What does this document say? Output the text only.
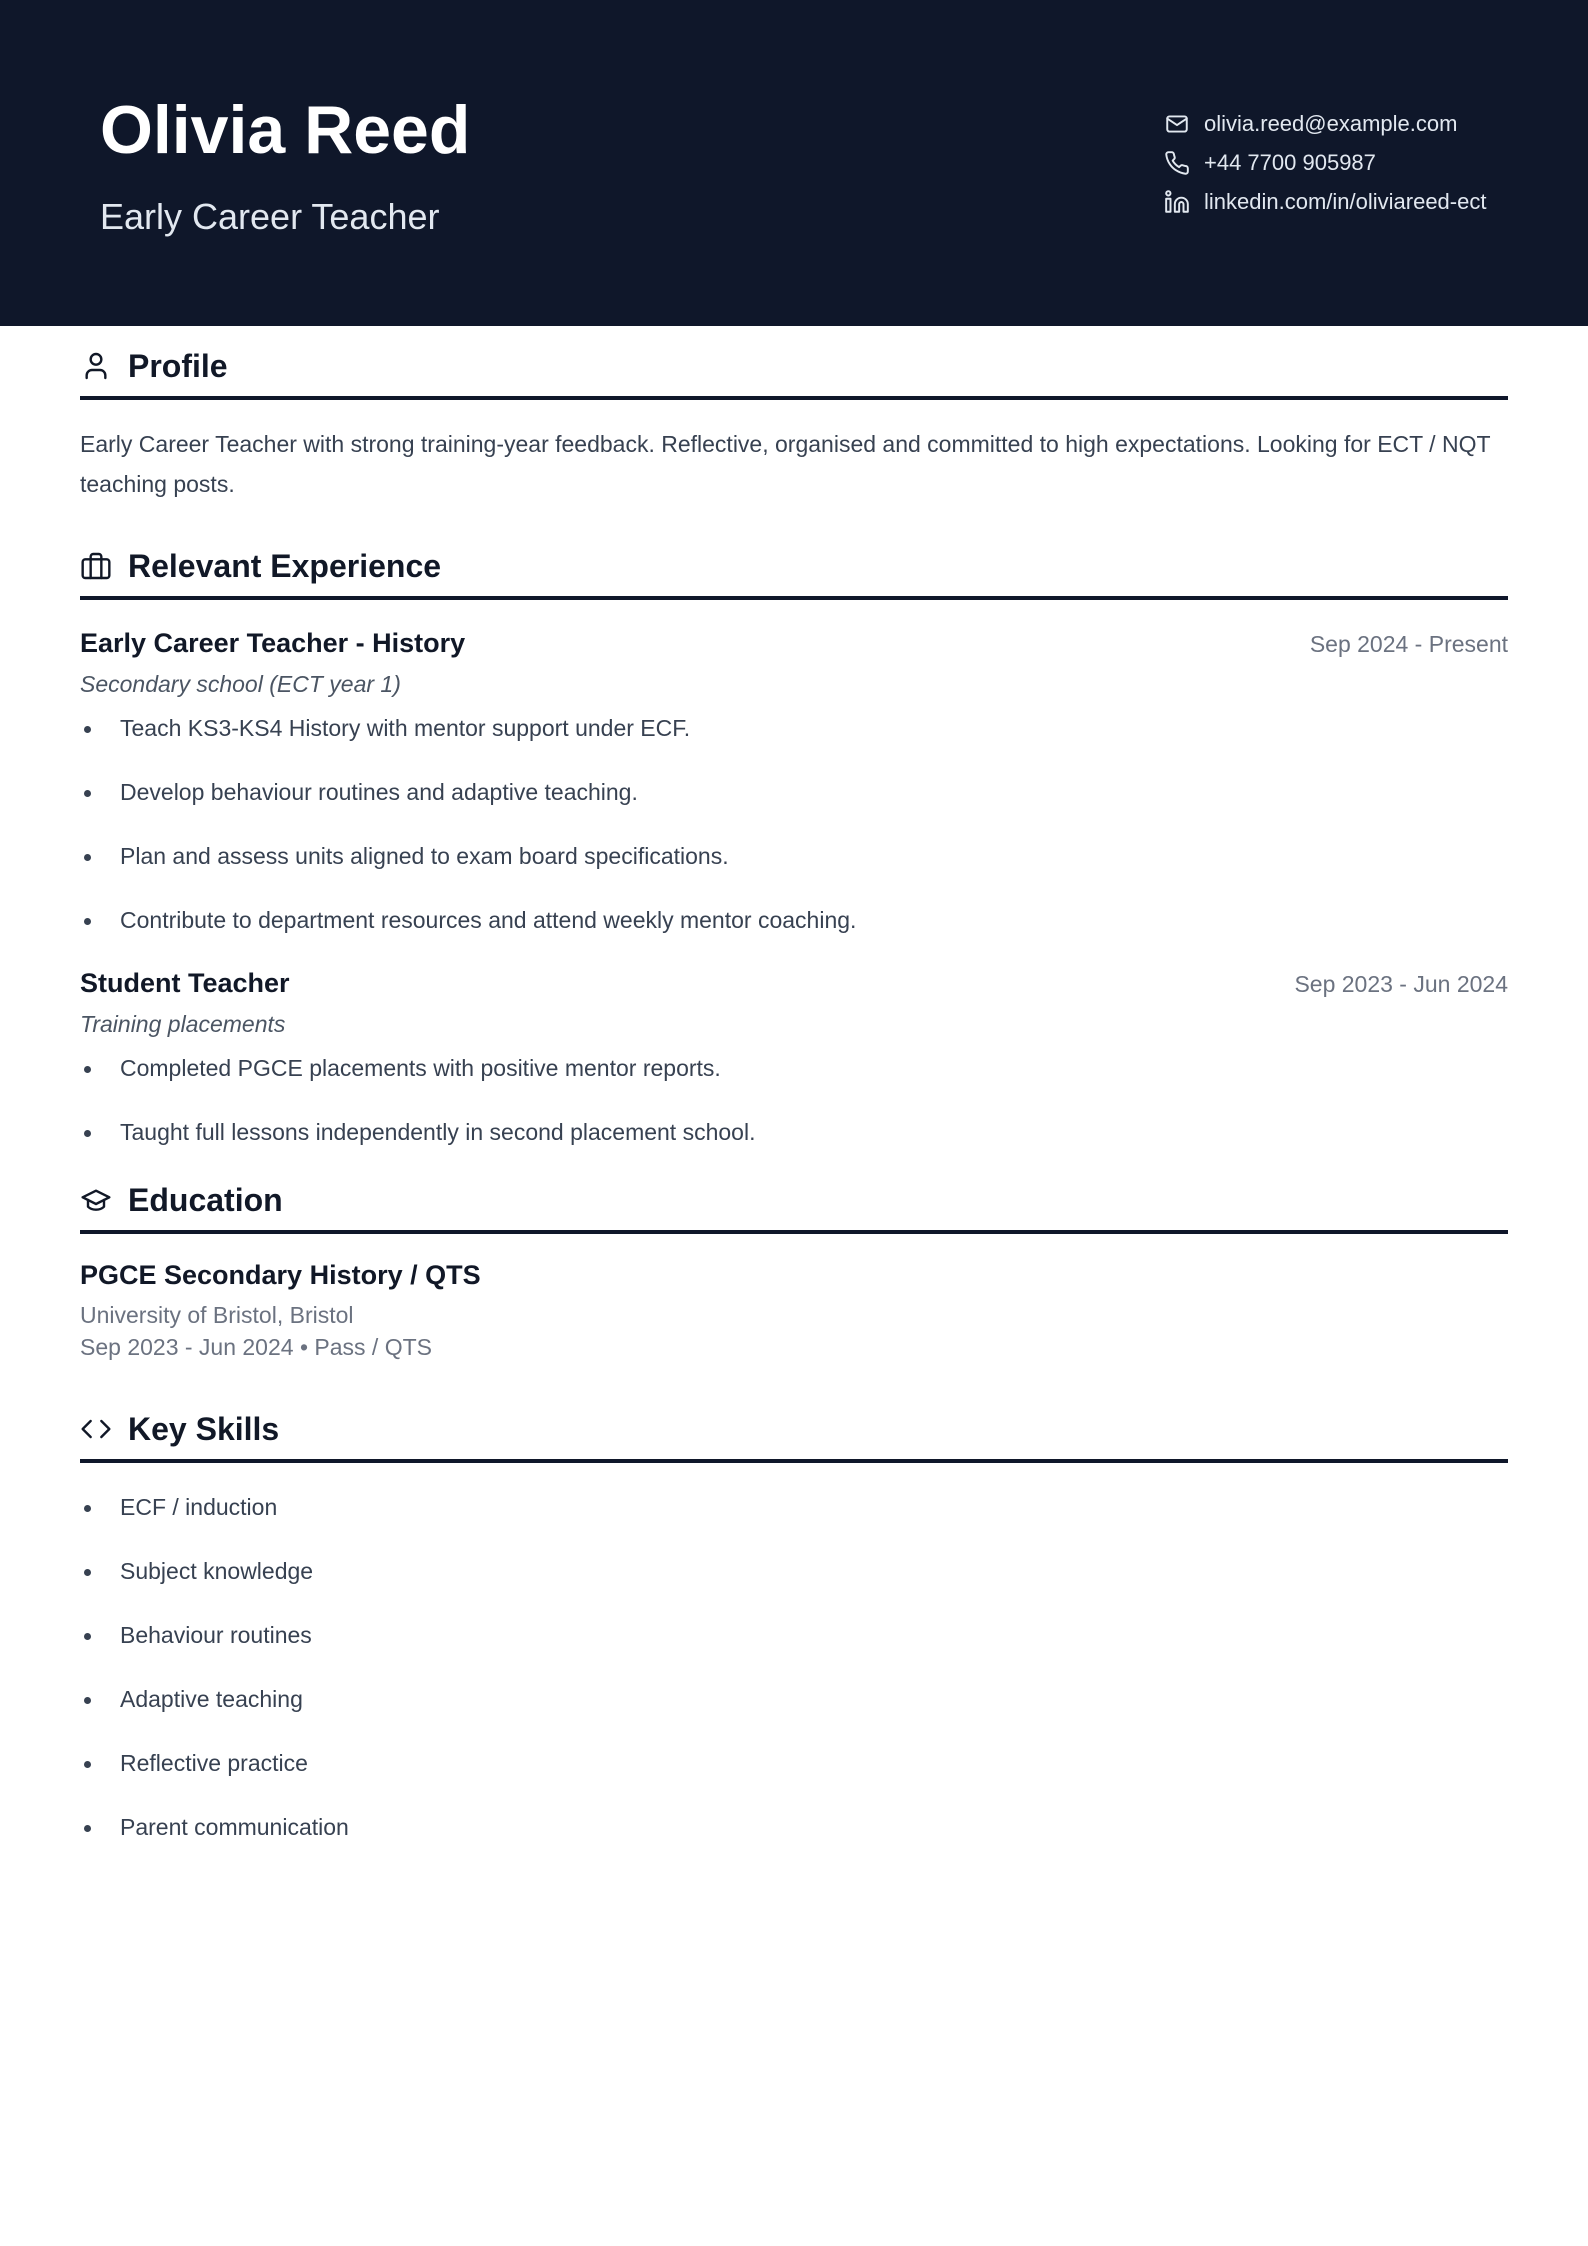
Olivia Reed
Early Career Teacher
olivia.reed@example.com
+44 7700 905987
linkedin.com/in/oliviareed-ect
Profile

Early Career Teacher with strong training-year feedback. Reflective, organised and committed to high expectations. Looking for ECT / NQT teaching posts.

Relevant Experience
Early Career Teacher - History	Sep 2024 - Present
Secondary school (ECT year 1)
Teach KS3-KS4 History with mentor support under ECF.
Develop behaviour routines and adaptive teaching.
Plan and assess units aligned to exam board specifications.
Contribute to department resources and attend weekly mentor coaching.
Student Teacher	Sep 2023 - Jun 2024
Training placements
Completed PGCE placements with positive mentor reports.
Taught full lessons independently in second placement school.
Education
PGCE Secondary History / QTS
University of Bristol, Bristol
Sep 2023 - Jun 2024 • Pass / QTS
Key Skills
ECF / induction
Subject knowledge
Behaviour routines
Adaptive teaching
Reflective practice
Parent communication
